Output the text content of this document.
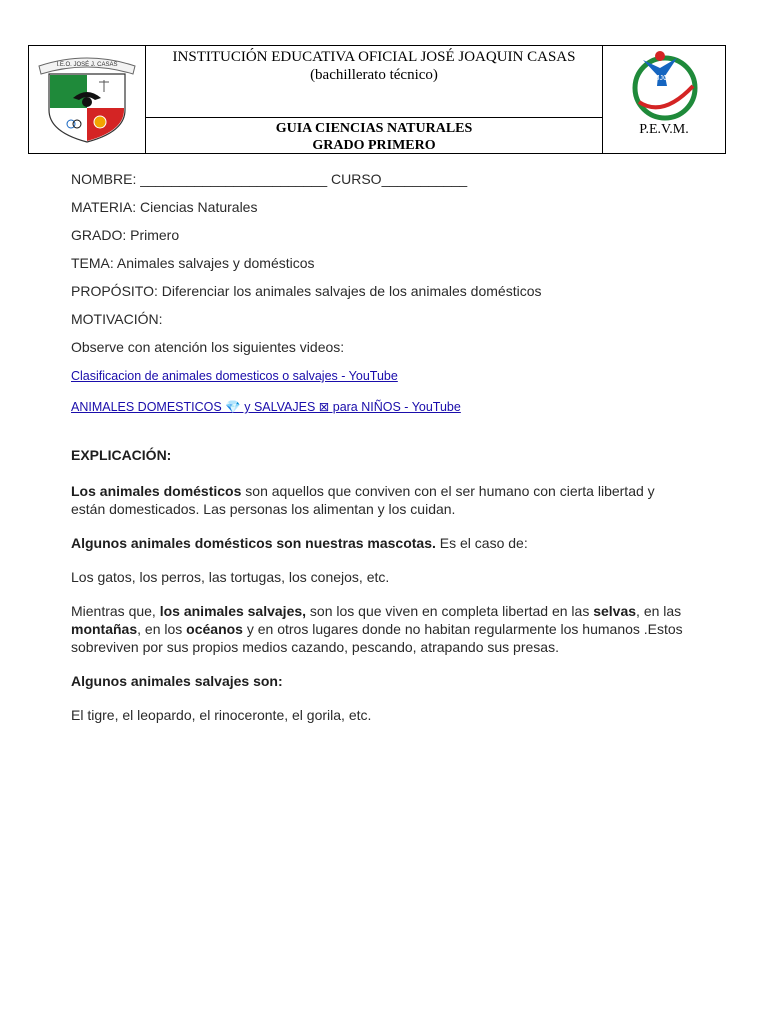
I.E.O. JOSÉ J. CASAS	INSTITUCIÓN EDUCATIVA OFICIAL JOSÉ JOAQUIN CASAS
(bachillerato técnico)
GUIA CIENCIAS NATURALES
GRADO PRIMERO
JJC
P.E.V.M.
NOMBRE: ________________________ CURSO___________
MATERIA: Ciencias Naturales
GRADO: Primero
TEMA: Animales salvajes y domésticos
PROPÓSITO: Diferenciar los animales salvajes de los animales domésticos
MOTIVACIÓN:
Observe con atención los siguientes videos:
Clasificacion de animales domesticos o salvajes - YouTube
ANIMALES DOMESTICOS 💎 y SALVAJES ⊠ para NIÑOS - YouTube
EXPLICACIÓN:
Los animales domésticos son aquellos que conviven con el ser humano con cierta libertad y están domesticados. Las personas los alimentan y los cuidan.
Algunos animales domésticos son nuestras mascotas. Es el caso de:
Los gatos, los perros, las tortugas, los conejos, etc.
Mientras que, los animales salvajes, son los que viven en completa libertad en las selvas, en las montañas, en los océanos y en otros lugares donde no habitan regularmente los humanos .Estos sobreviven por sus propios medios cazando, pescando, atrapando sus presas.
Algunos animales salvajes son:
El tigre, el leopardo, el rinoceronte, el gorila, etc.
